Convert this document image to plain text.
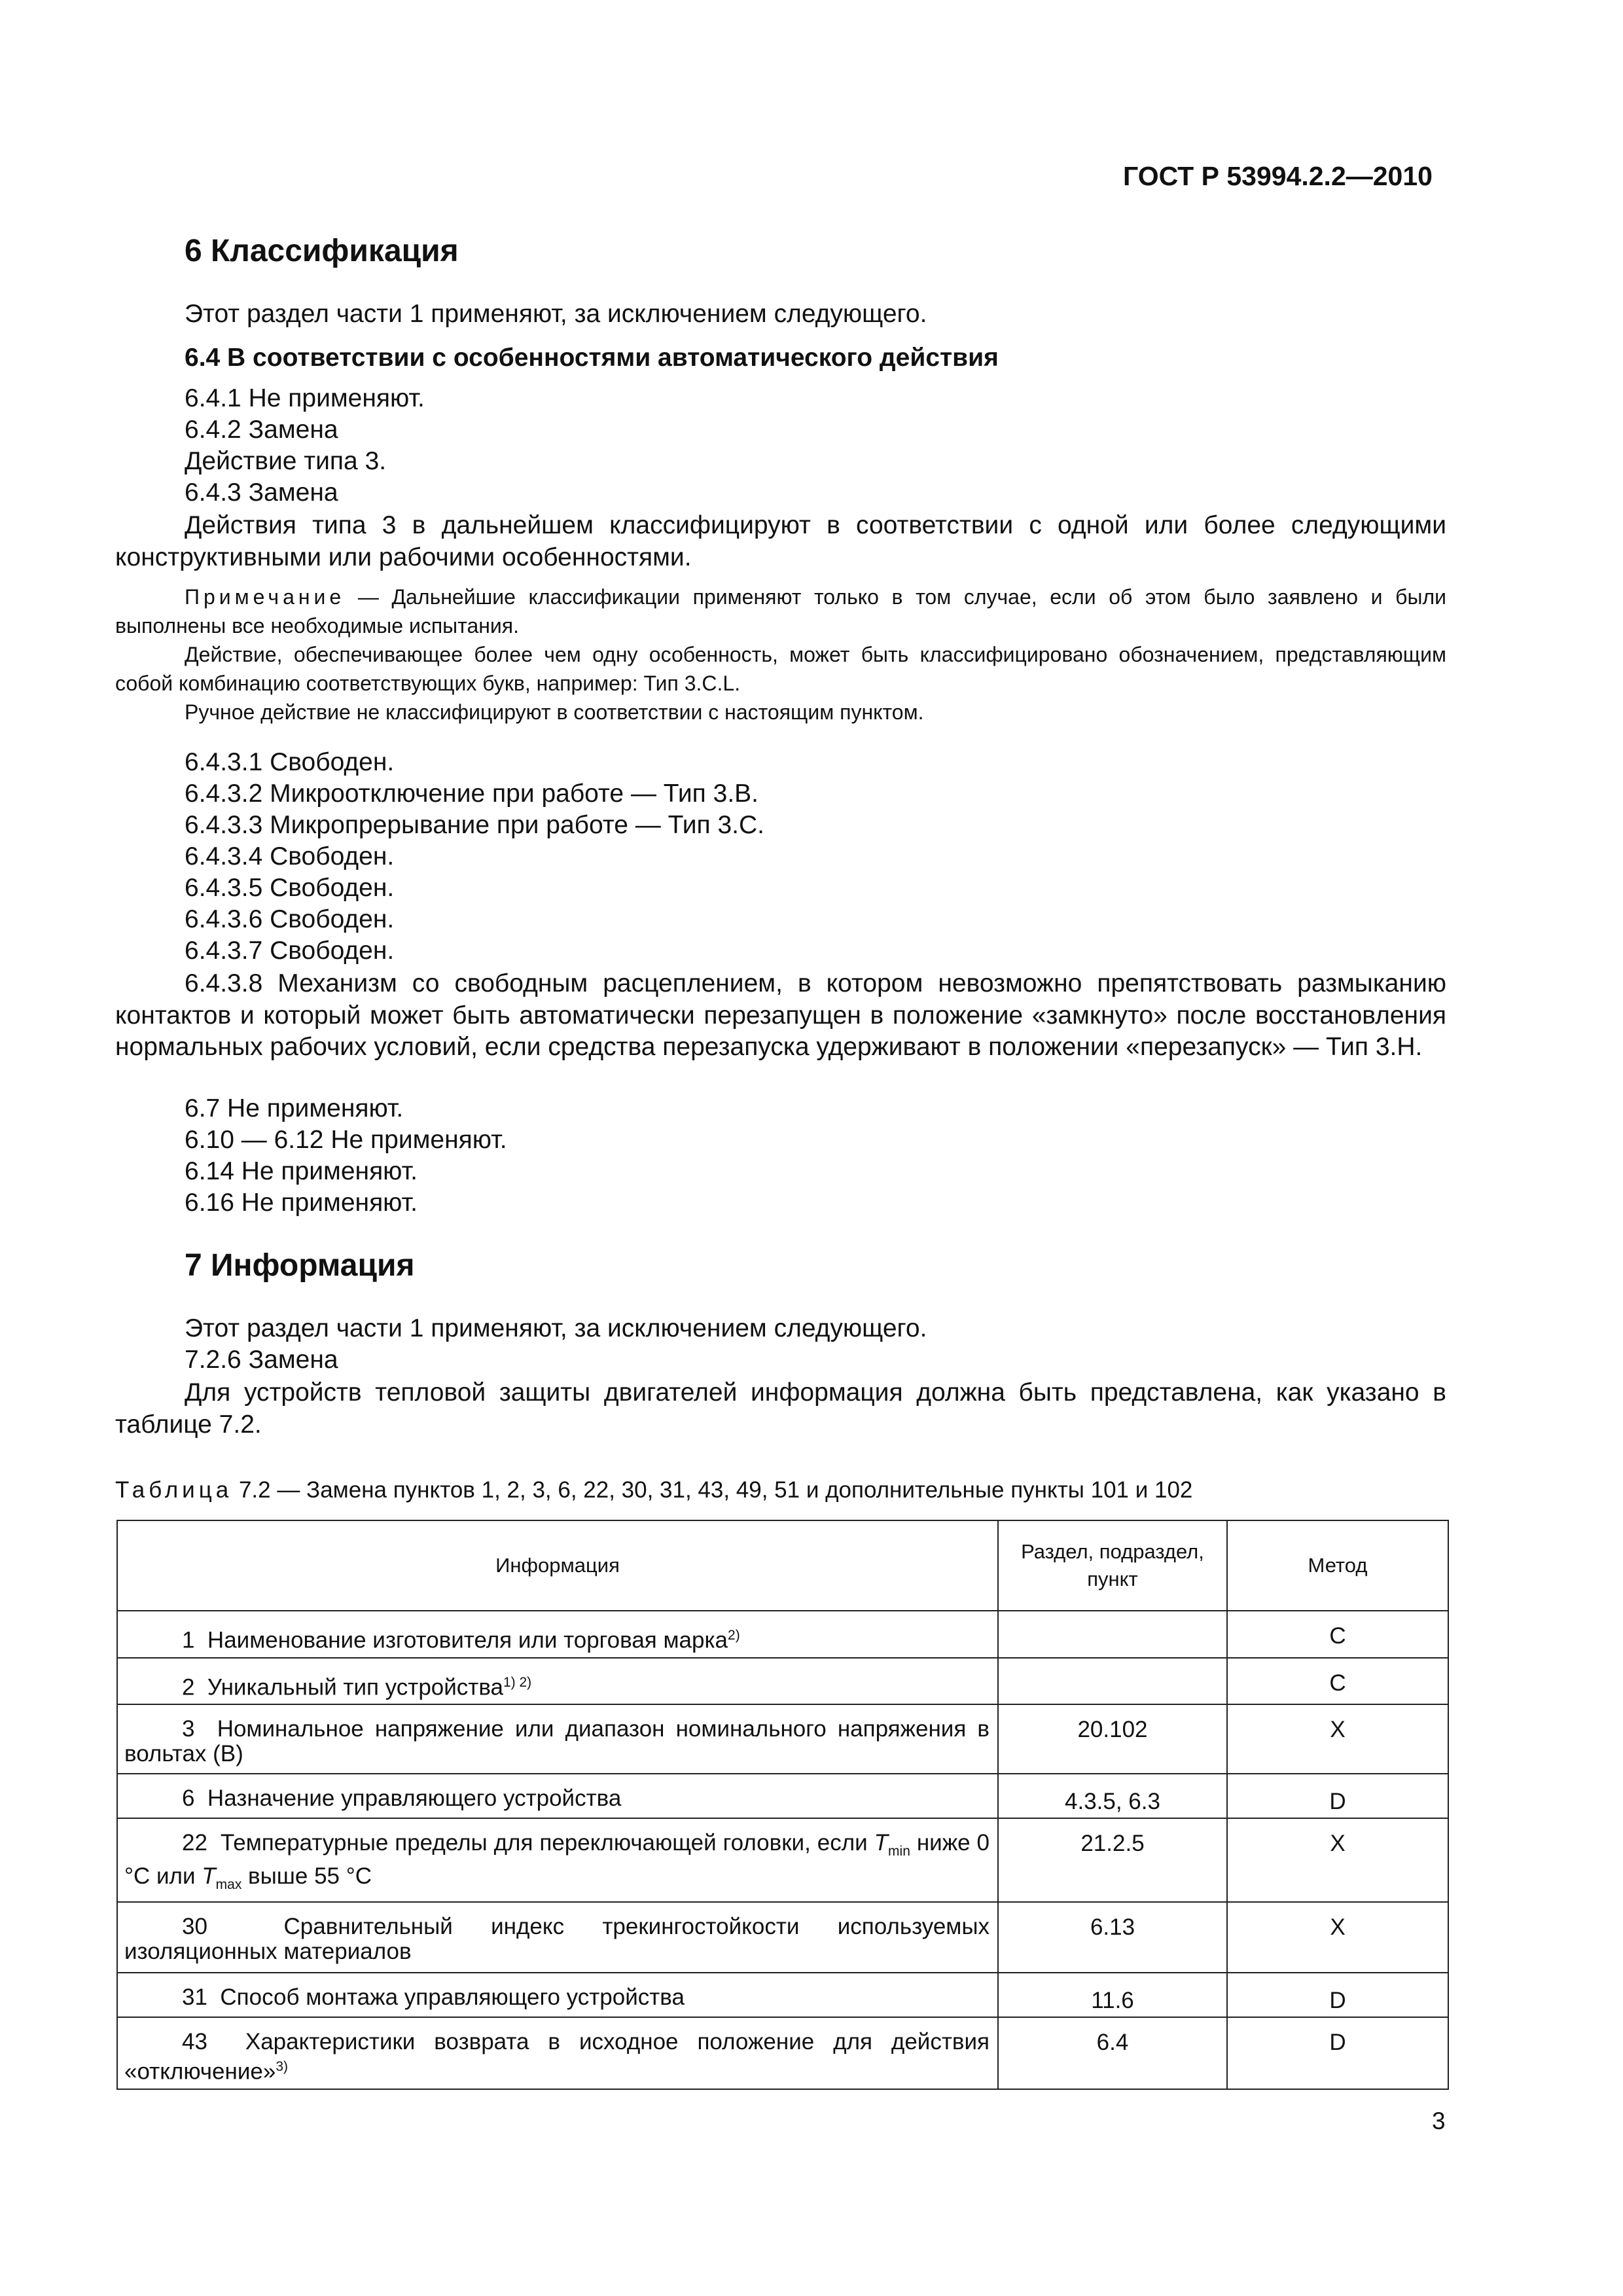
ГОСТ Р 53994.2.2—2010
6 Классификация
Этот раздел части 1 применяют, за исключением следующего.
6.4 В соответствии с особенностями автоматического действия
6.4.1 Не применяют.
6.4.2 Замена
Действие типа 3.
6.4.3 Замена
Действия типа 3 в дальнейшем классифицируют в соответствии с одной или более следующими конструктивными или рабочими особенностями.
Примечание — Дальнейшие классификации применяют только в том случае, если об этом было заявлено и были выполнены все необходимые испытания.
Действие, обеспечивающее более чем одну особенность, может быть классифицировано обозначением, представляющим собой комбинацию соответствующих букв, например: Тип 3.C.L.
Ручное действие не классифицируют в соответствии с настоящим пунктом.
6.4.3.1 Свободен.
6.4.3.2 Микроотключение при работе — Тип 3.В.
6.4.3.3 Микропрерывание при работе — Тип 3.С.
6.4.3.4 Свободен.
6.4.3.5 Свободен.
6.4.3.6 Свободен.
6.4.3.7 Свободен.
6.4.3.8 Механизм со свободным расцеплением, в котором невозможно препятствовать размыканию контактов и который может быть автоматически перезапущен в положение «замкнуто» после восстановления нормальных рабочих условий, если средства перезапуска удерживают в положении «перезапуск» — Тип 3.Н.
6.7 Не применяют.
6.10 — 6.12 Не применяют.
6.14 Не применяют.
6.16 Не применяют.
7 Информация
Этот раздел части 1 применяют, за исключением следующего.
7.2.6 Замена
Для устройств тепловой защиты двигателей информация должна быть представлена, как указано в таблице 7.2.
Таблица 7.2 — Замена пунктов 1, 2, 3, 6, 22, 30, 31, 43, 49, 51 и дополнительные пункты 101 и 102
Информация	Раздел, подраздел, пункт	Метод
1 Наименование изготовителя или торговая марка$^{2)}$		C
2 Уникальный тип устройства$^{1) 2)}$		C
3 Номинальное напряжение или диапазон номинального напряжения в вольтах (B)	20.102	X
6 Назначение управляющего устройства	4.3.5, 6.3	D
22 Температурные пределы для переключающей головки, если $T_{min}$ ниже 0 °C или $T_{max}$ выше 55 °C	21.2.5	X
30 Сравнительный индекс трекингостойкости используемых изоляционных материалов	6.13	X
31 Способ монтажа управляющего устройства	11.6	D
43 Характеристики возврата в исходное положение для действия «отключение»$^{3)}$	6.4	D
3
